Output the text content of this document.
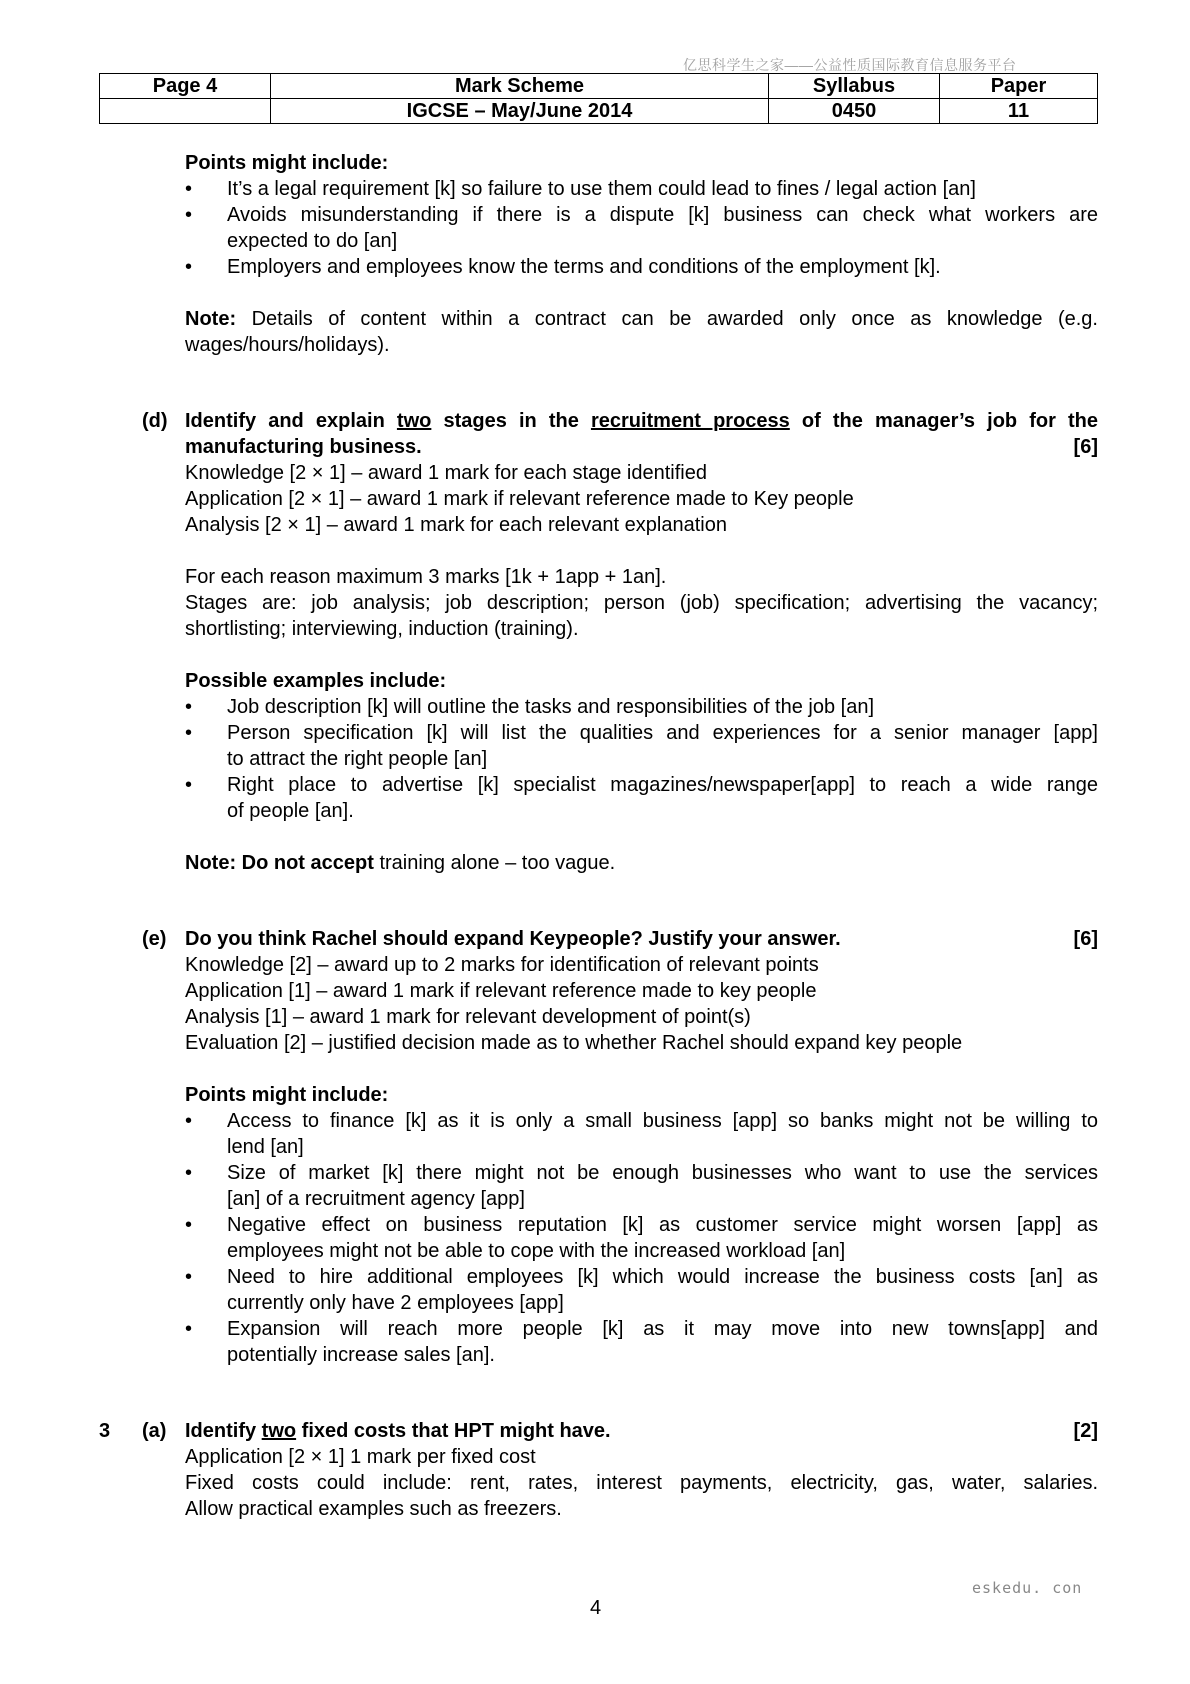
亿思科学生之家——公益性质国际教育信息服务平台
Page 4	Mark Scheme	Syllabus	Paper
	IGCSE – May/June 2014	0450	11
Points might include:
• It’s a legal requirement [k] so failure to use them could lead to fines / legal action [an]
• Avoids misunderstanding if there is a dispute [k] business can check what workers are
expected to do [an]
• Employers and employees know the terms and conditions of the employment [k].
Note: Details of content within a contract can be awarded only once as knowledge (e.g.
wages/hours/holidays).
(d) Identify and explain two stages in the recruitment process of the manager’s job for the
manufacturing business.	[6]
Knowledge [2 × 1] – award 1 mark for each stage identified
Application [2 × 1] – award 1 mark if relevant reference made to Key people
Analysis [2 × 1] – award 1 mark for each relevant explanation
For each reason maximum 3 marks [1k + 1app + 1an].
Stages are: job analysis; job description; person (job) specification; advertising the vacancy;
shortlisting; interviewing, induction (training).
Possible examples include:
• Job description [k] will outline the tasks and responsibilities of the job [an]
• Person specification [k] will list the qualities and experiences for a senior manager [app]
to attract the right people [an]
• Right place to advertise [k] specialist magazines/newspaper[app] to reach a wide range
of people [an].
Note: Do not accept training alone – too vague.
(e) Do you think Rachel should expand Keypeople? Justify your answer.	[6]
Knowledge [2] – award up to 2 marks for identification of relevant points
Application [1] – award 1 mark if relevant reference made to key people
Analysis [1] – award 1 mark for relevant development of point(s)
Evaluation [2] – justified decision made as to whether Rachel should expand key people
Points might include:
• Access to finance [k] as it is only a small business [app] so banks might not be willing to
lend [an]
• Size of market [k] there might not be enough businesses who want to use the services
[an] of a recruitment agency [app]
• Negative effect on business reputation [k] as customer service might worsen [app] as
employees might not be able to cope with the increased workload [an]
• Need to hire additional employees [k] which would increase the business costs [an] as
currently only have 2 employees [app]
• Expansion will reach more people [k] as it may move into new towns[app] and
potentially increase sales [an].
3 (a) Identify two fixed costs that HPT might have.	[2]
Application [2 × 1] 1 mark per fixed cost
Fixed costs could include: rent, rates, interest payments, electricity, gas, water, salaries.
Allow practical examples such as freezers.
eskedu. con
4
